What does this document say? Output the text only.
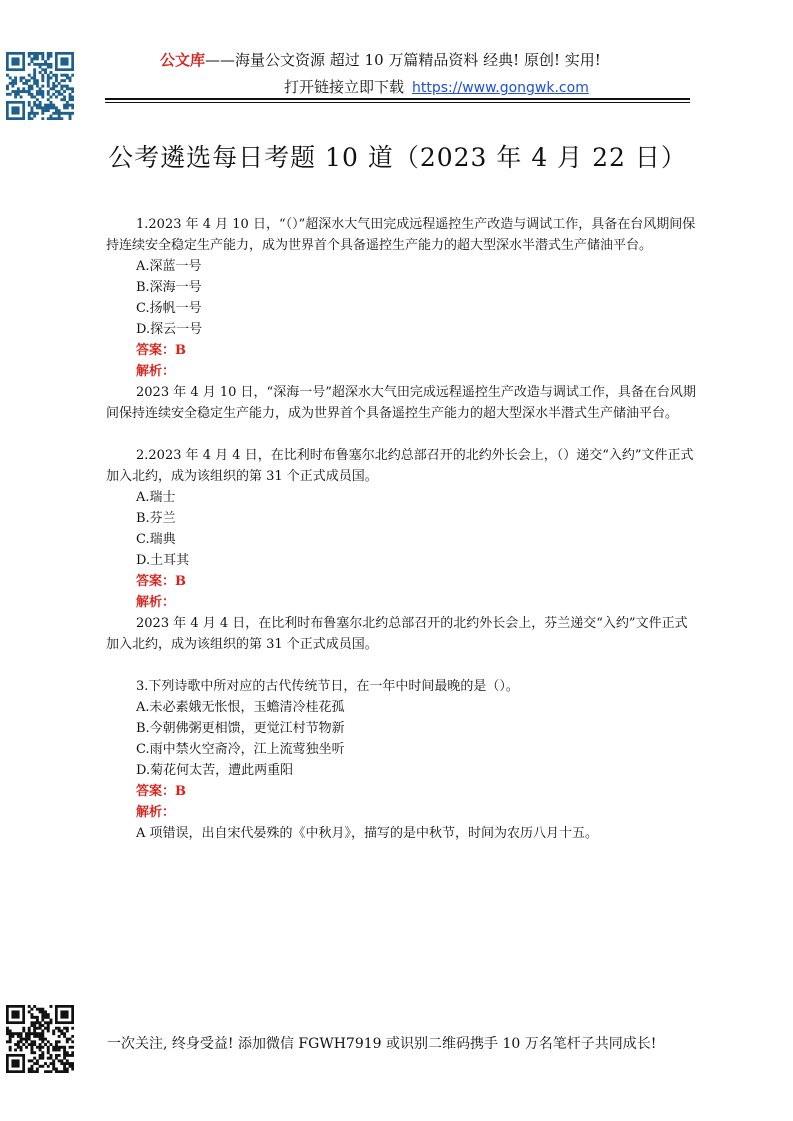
公文库——海量公文资源 超过 10 万篇精品资料 经典! 原创! 实用!
打开链接立即下载 https://www.gongwk.com
公考遴选每日考题 10 道（2023 年 4 月 22 日）

1.2023 年 4 月 10 日，“（）”超深水大气田完成远程遥控生产改造与调试工作，具备在台风期间保持连续安全稳定生产能力，成为世界首个具备遥控生产能力的超大型深水半潜式生产储油平台。

A.深蓝一号

B.深海一号

C.扬帆一号

D.探云一号

答案：B

解析：

2023 年 4 月 10 日，“深海一号”超深水大气田完成远程遥控生产改造与调试工作，具备在台风期间保持连续安全稳定生产能力，成为世界首个具备遥控生产能力的超大型深水半潜式生产储油平台。

2.2023 年 4 月 4 日，在比利时布鲁塞尔北约总部召开的北约外长会上，（）递交“入约”文件正式加入北约，成为该组织的第 31 个正式成员国。

A.瑞士

B.芬兰

C.瑞典

D.土耳其

答案：B

解析：

2023 年 4 月 4 日，在比利时布鲁塞尔北约总部召开的北约外长会上，芬兰递交“入约”文件正式加入北约，成为该组织的第 31 个正式成员国。

3.下列诗歌中所对应的古代传统节日，在一年中时间最晚的是（）。

A.未必素娥无怅恨，玉蟾清冷桂花孤

B.今朝佛粥更相馈，更觉江村节物新

C.雨中禁火空斋冷，江上流莺独坐听

D.菊花何太苦，遭此两重阳

答案：B

解析：

A 项错误，出自宋代晏殊的《中秋月》，描写的是中秋节，时间为农历八月十五。

一次关注, 终身受益! 添加微信 FGWH7919 或识别二维码携手 10 万名笔杆子共同成长!
